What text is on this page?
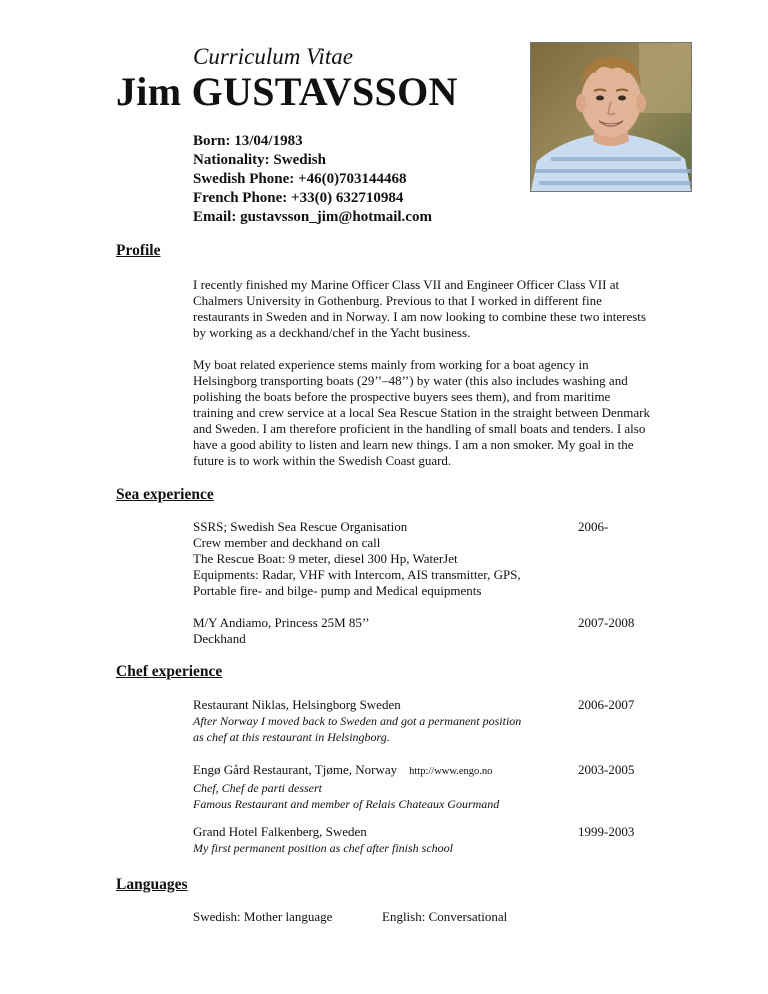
Curriculum Vitae
Jim GUSTAVSSON
Born: 13/04/1983
Nationality: Swedish
Swedish Phone: +46(0)703144468
French Phone: +33(0) 632710984
Email: gustavsson_jim@hotmail.com
Profile

I recently finished my Marine Officer Class VII and Engineer Officer Class VII at Chalmers University in Gothenburg. Previous to that I worked in different fine restaurants in Sweden and in Norway. I am now looking to combine these two interests by working as a deckhand/chef in the Yacht business.

My boat related experience stems mainly from working for a boat agency in Helsingborg transporting boats (29’’–48’’) by water (this also includes washing and polishing the boats before the prospective buyers sees them), and from maritime training and crew service at a local Sea Rescue Station in the straight between Denmark and Sweden. I am therefore proficient in the handling of small boats and tenders. I also have a good ability to listen and learn new things. I am a non smoker. My goal in the future is to work within the Swedish Coast guard.

Sea experience
SSRS; Swedish Sea Rescue Organisation
Crew member and deckhand on call
The Rescue Boat: 9 meter, diesel 300 Hp, WaterJet
Equipments: Radar, VHF with Intercom, AIS transmitter, GPS,
Portable fire- and bilge- pump and Medical equipments
2006-
M/Y Andiamo, Princess 25M 85’’
Deckhand
2007-2008
Chef experience
Restaurant Niklas, Helsingborg Sweden
After Norway I moved back to Sweden and got a permanent position
as chef at this restaurant in Helsingborg.
2006-2007
Engø Gård Restaurant, Tjøme, Norway http://www.engo.no
Chef, Chef de parti dessert
Famous Restaurant and member of Relais Chateaux Gourmand
2003-2005
Grand Hotel Falkenberg, Sweden
My first permanent position as chef after finish school
1999-2003
Languages
Swedish: Mother language	English: Conversational
